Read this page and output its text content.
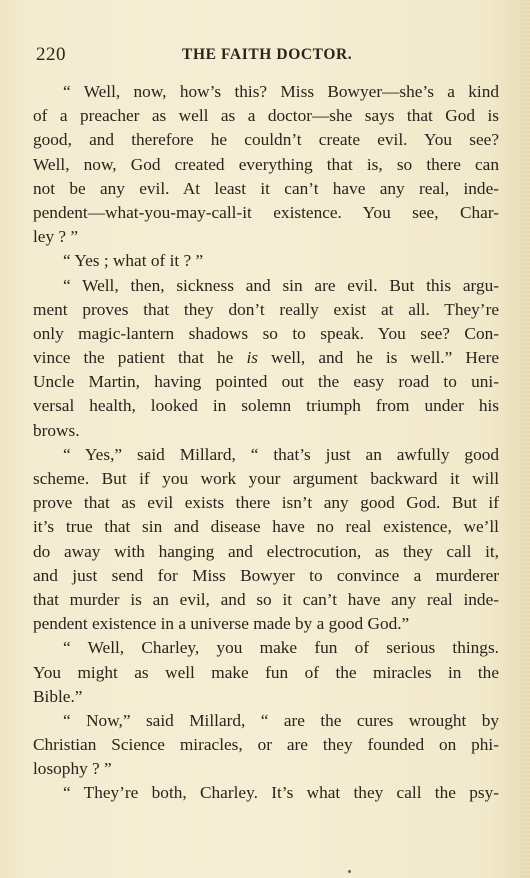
220	THE FAITH DOCTOR.
“ Well, now, how’s this? Miss Bowyer—she’s a kind
of a preacher as well as a doctor—she says that God is
good, and therefore he couldn’t create evil. You see?
Well, now, God created everything that is, so there can
not be any evil. At least it can’t have any real, inde-
pendent—what-you-may-call-it existence. You see, Char-
ley ? ”
“ Yes ; what of it ? ”
“ Well, then, sickness and sin are evil. But this argu-
ment proves that they don’t really exist at all. They’re
only magic-lantern shadows so to speak. You see? Con-
vince the patient that he is well, and he is well.” Here
Uncle Martin, having pointed out the easy road to uni-
versal health, looked in solemn triumph from under his
brows.
“ Yes,” said Millard, “ that’s just an awfully good
scheme. But if you work your argument backward it will
prove that as evil exists there isn’t any good God. But if
it’s true that sin and disease have no real existence, we’ll
do away with hanging and electrocution, as they call it,
and just send for Miss Bowyer to convince a murderer
that murder is an evil, and so it can’t have any real inde-
pendent existence in a universe made by a good God.”
“ Well, Charley, you make fun of serious things.
You might as well make fun of the miracles in the
Bible.”
“ Now,” said Millard, “ are the cures wrought by
Christian Science miracles, or are they founded on phi-
losophy ? ”
“ They’re both, Charley. It’s what they call the psy-
